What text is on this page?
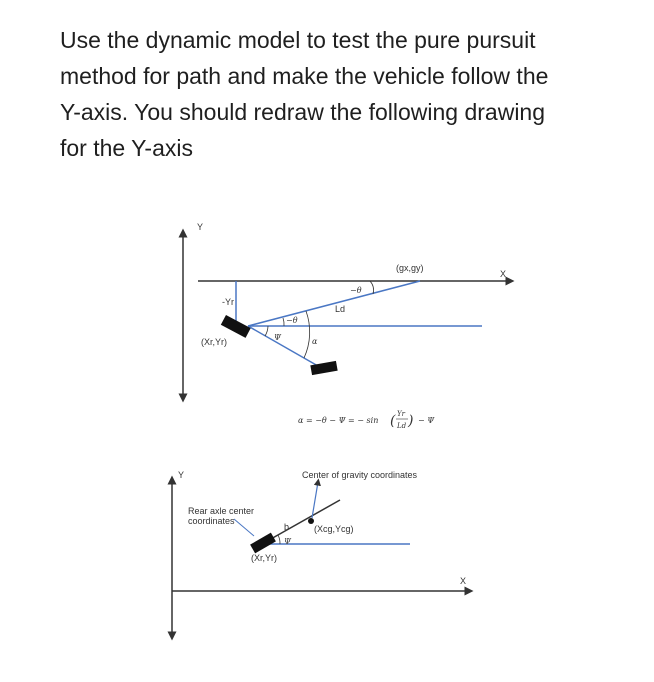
Use the dynamic model to test the pure pursuit
method for path and make the vehicle follow the
Y-axis. You should redraw the following drawing
for the Y-axis
Y
X
(gx,gy)
-Yr
(Xr,Yr)
Ld
−θ
−θ
Ψ	α
α = −θ − Ψ = − sin ( Yr
Ld ) − Ψ
Y
X
Center of gravity coordinates
Rear axle center
coordinates
b
Ψ
(Xcg,Ycg)
(Xr,Yr)
